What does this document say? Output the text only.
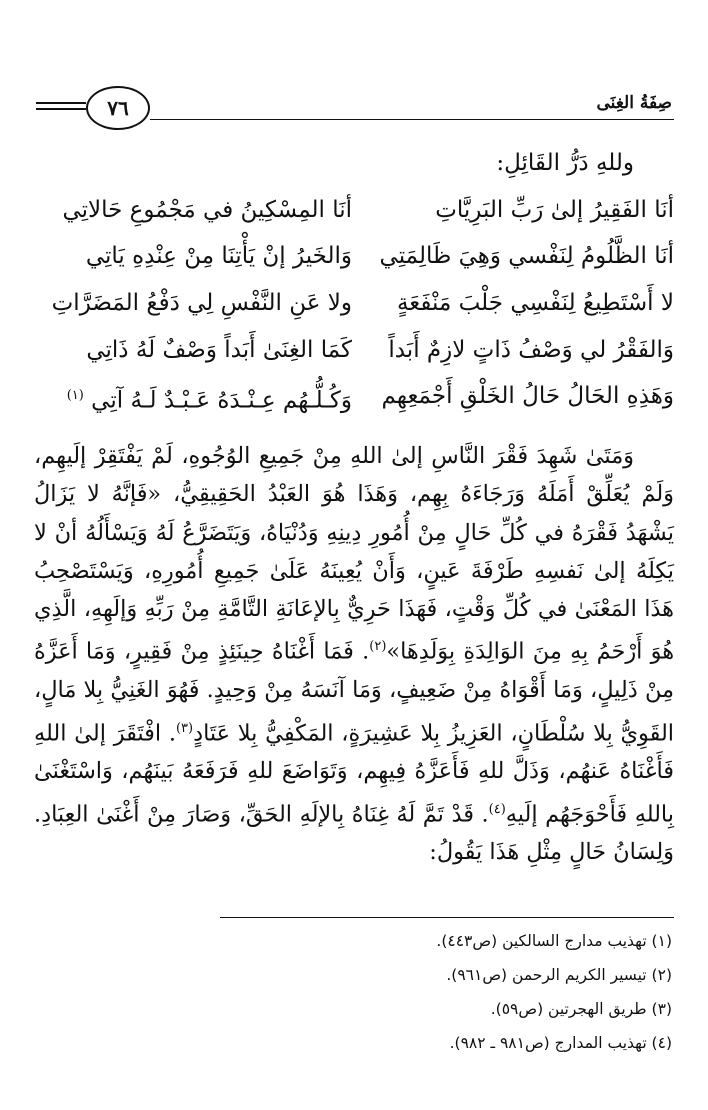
صِفَةُ الغِنَى
٧٦

وللهِ دَرُّ القَائِلِ:

أنَا الفَقِيرُ إلىٰ رَبِّ البَرِيَّاتِ
أنَا المِسْكِينُ في مَجْمُوعِ حَالاتِي
أنَا الظَّلُومُ لِنَفْسي وَهِيَ ظَالِمَتِي
وَالخَيرُ إنْ يَأْتِنَا مِنْ عِنْدِهِ يَاتِي
لا أَسْتَطِيعُ لِنَفْسِي جَلْبَ مَنْفَعَةٍ
ولا عَنِ النَّفْسِ لِي دَفْعُ المَضَرَّاتِ
وَالفَقْرُ لي وَصْفُ ذَاتٍ لازِمٌ أَبَداً
كَمَا الغِنَىٰ أَبَداً وَصْفٌ لَهُ ذَاتِي
وَهَذِهِ الحَالُ حَالُ الخَلْقِ أَجْمَعِهِم
وَكُـلُّـهُم عِـنْـدَهُ عَـبْـدٌ لَـهُ آتِي $^{(١)}$

وَمَتَىٰ شَهِدَ فَقْرَ النَّاسِ إلىٰ اللهِ مِنْ جَمِيعِ الوُجُوهِ، لَمْ يَفْتَقِرْ إلَيهِم، وَلَمْ يُعَلِّقْ أَمَلَهُ وَرَجَاءَهُ بِهِم، وَهَذَا هُوَ العَبْدُ الحَقِيقِيُّ، «فَإنَّهُ لا يَزَالُ يَشْهَدُ فَقْرَهُ في كُلِّ حَالٍ مِنْ أُمُورِ دِينِهِ وَدُنْيَاهُ، وَيَتَضَرَّعُ لَهُ وَيَسْأَلُهُ أنْ لا يَكِلَهُ إلىٰ نَفسِهِ طَرْفَةَ عَينٍ، وَأَنْ يُعِينَهُ عَلَىٰ جَمِيعِ أُمُورِهِ، وَيَسْتَصْحِبُ هَذَا المَعْنَىٰ في كُلِّ وَقْتٍ، فَهَذَا حَرِيٌّ بِالإعَانَةِ التَّامَّةِ مِنْ رَبِّهِ وَإلَهِهِ، الَّذِي هُوَ أَرْحَمُ بِهِ مِنَ الوَالِدَةِ بِوَلَدِهَا»$^{(٢)}$. فَمَا أَغْنَاهُ حِينَئِذٍ مِنْ فَقِيرٍ، وَمَا أَعَزَّهُ مِنْ ذَلِيلٍ، وَمَا أَقْوَاهُ مِنْ ضَعِيفٍ، وَمَا آنَسَهُ مِنْ وَحِيدٍ. فَهُوَ الغَنِيُّ بِلا مَالٍ، القَوِيُّ بِلا سُلْطَانٍ، العَزِيزُ بِلا عَشِيرَةٍ، المَكْفِيُّ بِلا عَتَادٍ$^{(٣)}$. افْتَقَرَ إلىٰ اللهِ فَأَغْنَاهُ عَنهُم، وَذَلَّ للهِ فَأَعَزَّهُ فِيهِم، وَتَوَاضَعَ للهِ فَرَفَعَهُ بَينَهُم، وَاسْتَغْنَىٰ بِاللهِ فَأَحْوَجَهُم إلَيهِ$^{(٤)}$. قَدْ تَمَّ لَهُ غِنَاهُ بِالإلَهِ الحَقِّ، وَصَارَ مِنْ أَغْنَىٰ العِبَادِ. وَلِسَانُ حَالٍ مِثْلِ هَذَا يَقُولُ:

(١) تهذيب مدارج السالكين (ص٤٤٣).
(٢) تيسير الكريم الرحمن (ص٩٦١).
(٣) طريق الهجرتين (ص٥٩).
(٤) تهذيب المدارج (ص٩٨١ ـ ٩٨٢).
